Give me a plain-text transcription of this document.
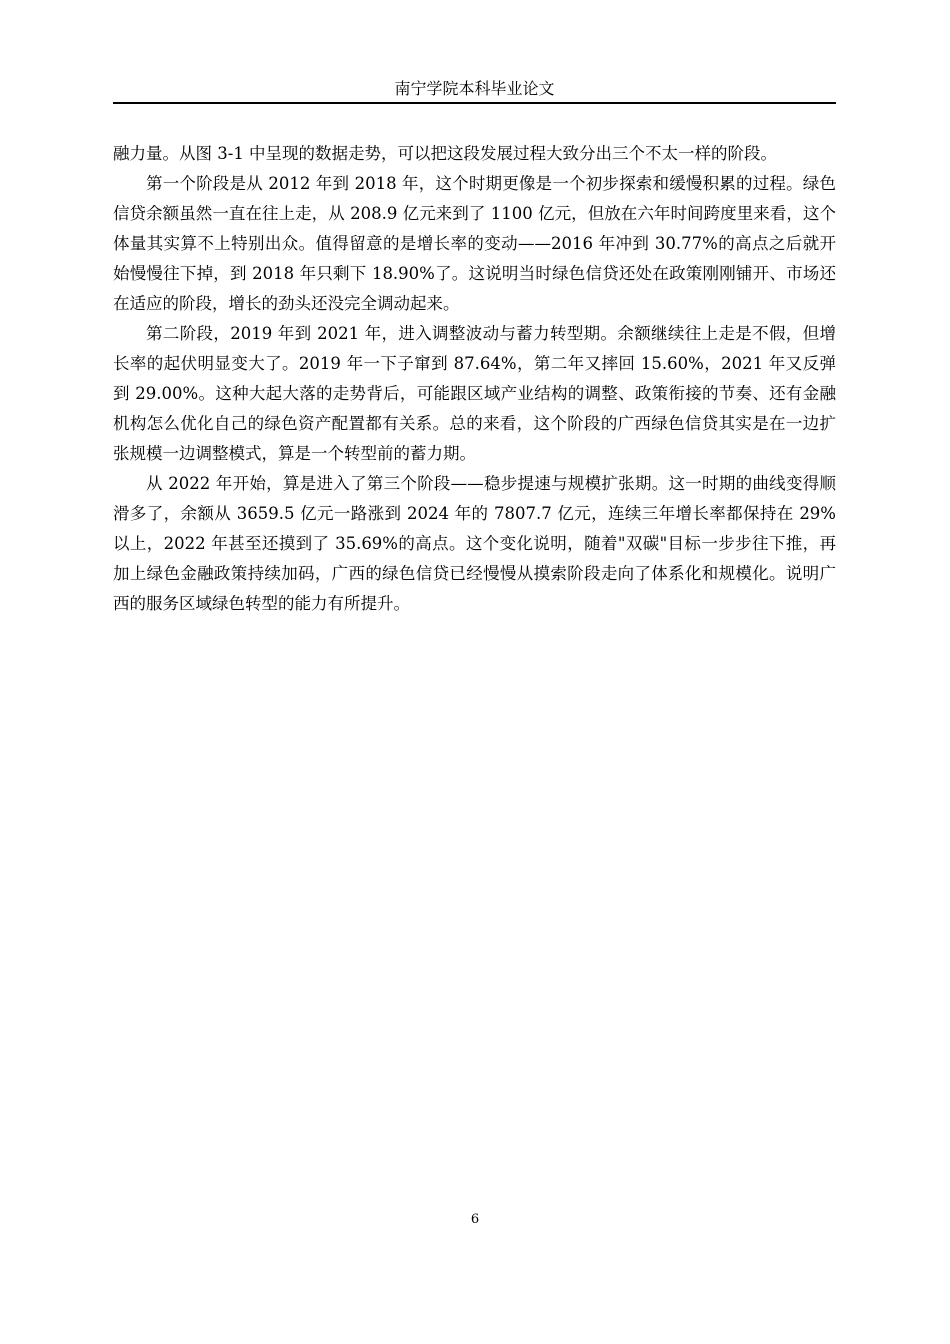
南宁学院本科毕业论文

融力量。从图 3-1 中呈现的数据走势，可以把这段发展过程大致分出三个不太一样的阶段。

第一个阶段是从 2012 年到 2018 年，这个时期更像是一个初步探索和缓慢积累的过程。绿色信贷余额虽然一直在往上走，从 208.9 亿元来到了 1100 亿元，但放在六年时间跨度里来看，这个体量其实算不上特别出众。值得留意的是增长率的变动——2016 年冲到 30.77%的高点之后就开始慢慢往下掉，到 2018 年只剩下 18.90%了。这说明当时绿色信贷还处在政策刚刚铺开、市场还在适应的阶段，增长的劲头还没完全调动起来。

第二阶段，2019 年到 2021 年，进入调整波动与蓄力转型期。余额继续往上走是不假，但增长率的起伏明显变大了。2019 年一下子窜到 87.64%，第二年又摔回 15.60%，2021 年又反弹到 29.00%。这种大起大落的走势背后，可能跟区域产业结构的调整、政策衔接的节奏、还有金融机构怎么优化自己的绿色资产配置都有关系。总的来看，这个阶段的广西绿色信贷其实是在一边扩张规模一边调整模式，算是一个转型前的蓄力期。

从 2022 年开始，算是进入了第三个阶段——稳步提速与规模扩张期。这一时期的曲线变得顺滑多了，余额从 3659.5 亿元一路涨到 2024 年的 7807.7 亿元，连续三年增长率都保持在 29%以上，2022 年甚至还摸到了 35.69%的高点。这个变化说明，随着"双碳"目标一步步往下推，再加上绿色金融政策持续加码，广西的绿色信贷已经慢慢从摸索阶段走向了体系化和规模化。说明广西的服务区域绿色转型的能力有所提升。

6
